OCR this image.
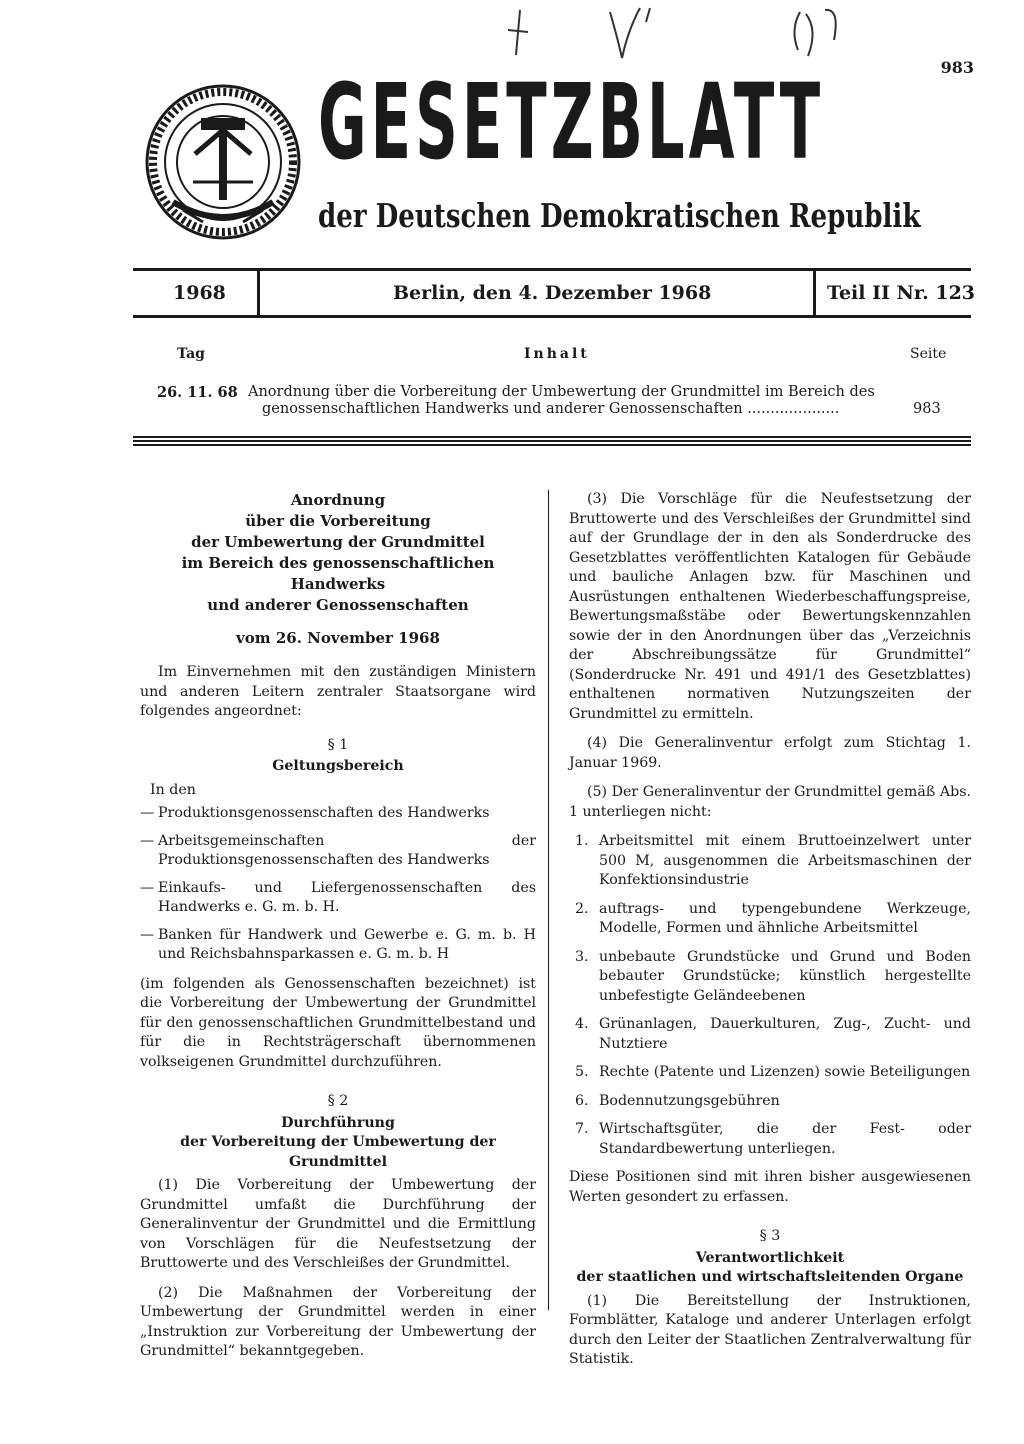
983
GESETZBLATT
der Deutschen Demokratischen Republik
1968	Berlin, den 4. Dezember 1968	Teil II Nr. 123
Tag	Inhalt	Seite
26. 11. 68 Anordnung über die Vorbereitung der Umbewertung der Grundmittel im Bereich des
genossenschaftlichen Handwerks und anderer Genossenschaften ....................	983
Anordnung
über die Vorbereitung
der Umbewertung der Grundmittel
im Bereich des genossenschaftlichen Handwerks
und anderer Genossenschaften
vom 26. November 1968

Im Einvernehmen mit den zuständigen Ministern und anderen Leitern zentraler Staatsorgane wird folgendes angeordnet:

§ 1
Geltungsbereich
In den
— Produktionsgenossenschaften des Handwerks
— Arbeitsgemeinschaften der Produktionsgenossenschaften des Handwerks
— Einkaufs- und Liefergenossenschaften des Handwerks e. G. m. b. H.
— Banken für Handwerk und Gewerbe e. G. m. b. H und Reichsbahnsparkassen e. G. m. b. H

(im folgenden als Genossenschaften bezeichnet) ist die Vorbereitung der Umbewertung der Grundmittel für den genossenschaftlichen Grundmittelbestand und für die in Rechtsträgerschaft übernommenen volkseigenen Grundmittel durchzuführen.

§ 2
Durchführung
der Vorbereitung der Umbewertung der Grundmittel

(1) Die Vorbereitung der Umbewertung der Grundmittel umfaßt die Durchführung der Generalinventur der Grundmittel und die Ermittlung von Vorschlägen für die Neufestsetzung der Bruttowerte und des Verschleißes der Grundmittel.

(2) Die Maßnahmen der Vorbereitung der Umbewertung der Grundmittel werden in einer „Instruktion zur Vorbereitung der Umbewertung der Grundmittel“ bekanntgegeben.

(3) Die Vorschläge für die Neufestsetzung der Bruttowerte und des Verschleißes der Grundmittel sind auf der Grundlage der in den als Sonderdrucke des Gesetzblattes veröffentlichten Katalogen für Gebäude und bauliche Anlagen bzw. für Maschinen und Ausrüstungen enthaltenen Wiederbeschaffungspreise, Bewertungsmaßstäbe oder Bewertungskennzahlen sowie der in den Anordnungen über das „Verzeichnis der Abschreibungssätze für Grundmittel“ (Sonderdrucke Nr. 491 und 491/1 des Gesetzblattes) enthaltenen normativen Nutzungszeiten der Grundmittel zu ermitteln.

(4) Die Generalinventur erfolgt zum Stichtag 1. Januar 1969.

(5) Der Generalinventur der Grundmittel gemäß Abs. 1 unterliegen nicht:

1. Arbeitsmittel mit einem Bruttoeinzelwert unter 500 M, ausgenommen die Arbeitsmaschinen der Konfektionsindustrie
2. auftrags- und typengebundene Werkzeuge, Modelle, Formen und ähnliche Arbeitsmittel
3. unbebaute Grundstücke und Grund und Boden bebauter Grundstücke; künstlich hergestellte unbefestigte Geländeebenen
4. Grünanlagen, Dauerkulturen, Zug-, Zucht- und Nutztiere
5. Rechte (Patente und Lizenzen) sowie Beteiligungen
6. Bodennutzungsgebühren
7. Wirtschaftsgüter, die der Fest- oder Standardbewertung unterliegen.

Diese Positionen sind mit ihren bisher ausgewiesenen Werten gesondert zu erfassen.

§ 3
Verantwortlichkeit
der staatlichen und wirtschaftsleitenden Organe

(1) Die Bereitstellung der Instruktionen, Formblätter, Kataloge und anderer Unterlagen erfolgt durch den Leiter der Staatlichen Zentralverwaltung für Statistik.
